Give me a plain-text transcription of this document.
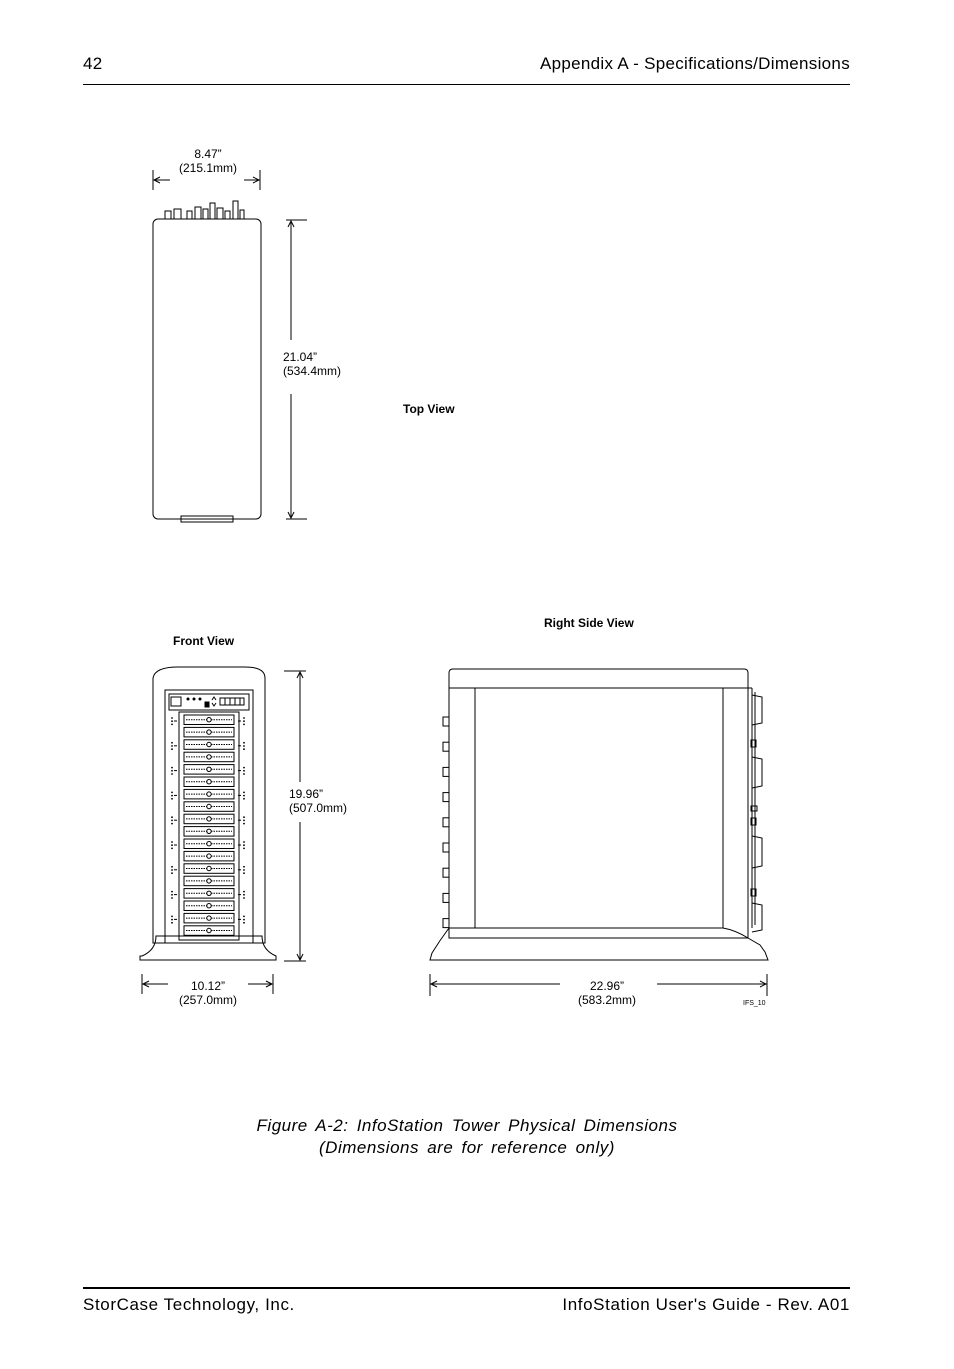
42	Appendix A - Specifications/Dimensions
8.47”
(215.1mm)
21.04”
(534.4mm)
Top View
Front View
19.96”
(507.0mm)
10.12”
(257.0mm)
Right Side View
22.96”
(583.2mm)	IFS_10
Figure A-2: InfoStation Tower Physical Dimensions
(Dimensions are for reference only)
StorCase Technology, Inc.	InfoStation User's Guide - Rev. A01
